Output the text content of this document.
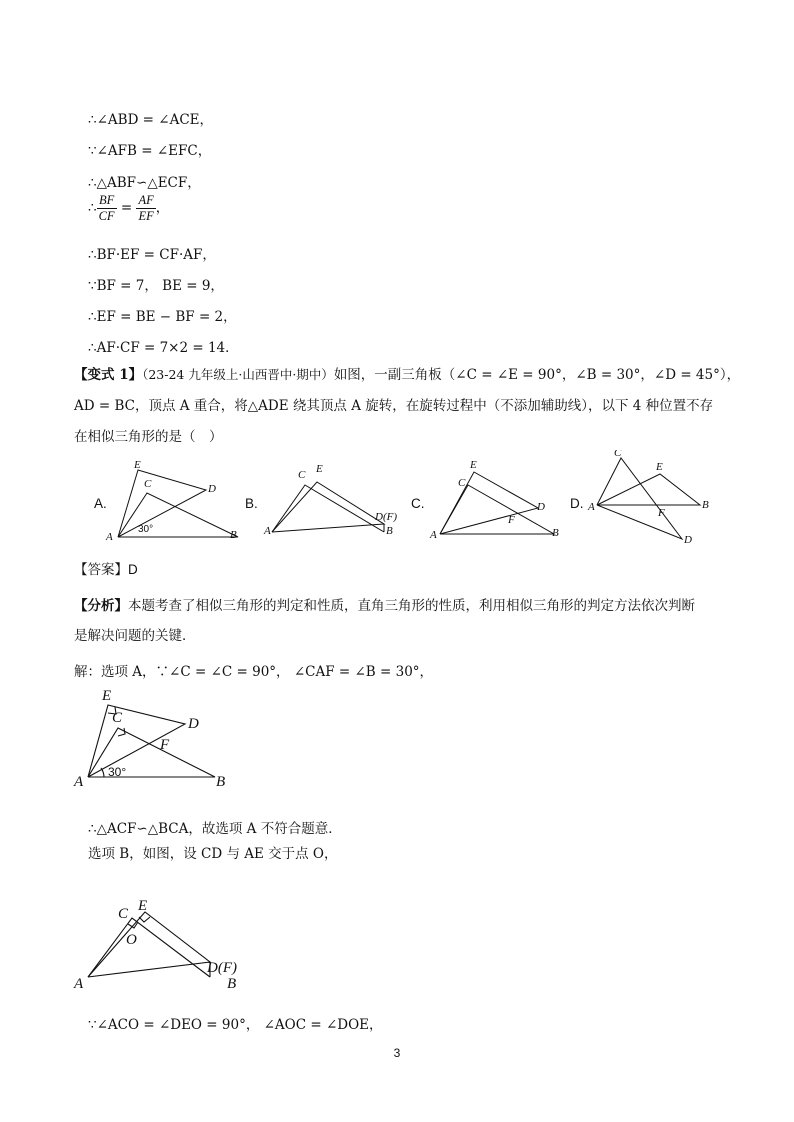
∴∠ABD = ∠ACE，
∵∠AFB = ∠EFC，
∴△ABF∽△ECF，
∴ $\frac{BF}{CF} = \frac{AF}{EF}$ ，
∴BF·EF = CF·AF，
∵BF = 7， BE = 9，
∴EF = BE − BF = 2，
∴AF·CF = 7×2 = 14．
【变式 1】（23-24 九年级上·山西晋中·期中）如图，一副三角板（∠C = ∠E = 90°，∠B = 30°，∠D = 45°），
AD = BC，顶点 A 重合，将△ADE 绕其顶点 A 旋转，在旋转过程中（不添加辅助线），以下 4 种位置不存
在相似三角形的是（　）
A
E
C	D
B
30°	A
C E
D(F)
B	A
C
E
D
F
B
A
C
E
F
B
D
A.	B.	C.	D.
【答案】D
【分析】本题考查了相似三角形的判定和性质，直角三角形的性质，利用相似三角形的判定方法依次判断
是解决问题的关键．
解：选项 A，∵∠C = ∠C = 90°， ∠CAF = ∠B = 30°，
A
E
C	D
F
B
30°
∴△ACF∽△BCA，故选项 A 不符合题意．
选项 B，如图，设 CD 与 AE 交于点 O，
A
C E
O
D(F)
B
∵∠ACO = ∠DEO = 90°， ∠AOC = ∠DOE，
3
